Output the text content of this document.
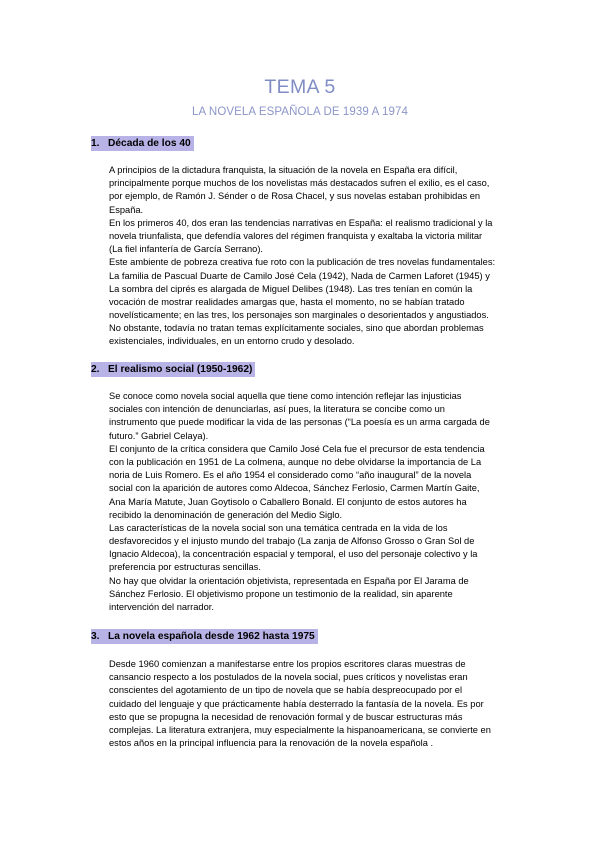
TEMA 5
LA NOVELA ESPAÑOLA DE 1939 A 1974
1. Década de los 40
A principios de la dictadura franquista, la situación de la novela en España era difícil,
principalmente porque muchos de los novelistas más destacados sufren el exilio, es el caso,
por ejemplo, de Ramón J. Sénder o de Rosa Chacel, y sus novelas estaban prohibidas en
España.
En los primeros 40, dos eran las tendencias narrativas en España: el realismo tradicional y la
novela triunfalista, que defendía valores del régimen franquista y exaltaba la victoria militar
(La fiel infantería de García Serrano).
Este ambiente de pobreza creativa fue roto con la publicación de tres novelas fundamentales:
La familia de Pascual Duarte de Camilo José Cela (1942), Nada de Carmen Laforet (1945) y
La sombra del ciprés es alargada de Miguel Delibes (1948). Las tres tenían en común la
vocación de mostrar realidades amargas que, hasta el momento, no se habían tratado
novelísticamente; en las tres, los personajes son marginales o desorientados y angustiados.
No obstante, todavía no tratan temas explícitamente sociales, sino que abordan problemas
existenciales, individuales, en un entorno crudo y desolado.
2. El realismo social (1950-1962)
Se conoce como novela social aquella que tiene como intención reflejar las injusticias
sociales con intención de denunciarlas, así pues, la literatura se concibe como un
instrumento que puede modificar la vida de las personas (“La poesía es un arma cargada de
futuro.” Gabriel Celaya).
El conjunto de la crítica considera que Camilo José Cela fue el precursor de esta tendencia
con la publicación en 1951 de La colmena, aunque no debe olvidarse la importancia de La
noria de Luis Romero. Es el año 1954 el considerado como “año inaugural” de la novela
social con la aparición de autores como Aldecoa, Sánchez Ferlosio, Carmen Martín Gaite,
Ana María Matute, Juan Goytisolo o Caballero Bonald. El conjunto de estos autores ha
recibido la denominación de generación del Medio Siglo.
Las características de la novela social son una temática centrada en la vida de los
desfavorecidos y el injusto mundo del trabajo (La zanja de Alfonso Grosso o Gran Sol de
Ignacio Aldecoa), la concentración espacial y temporal, el uso del personaje colectivo y la
preferencia por estructuras sencillas.
No hay que olvidar la orientación objetivista, representada en España por El Jarama de
Sánchez Ferlosio. El objetivismo propone un testimonio de la realidad, sin aparente
intervención del narrador.
3. La novela española desde 1962 hasta 1975
Desde 1960 comienzan a manifestarse entre los propios escritores claras muestras de
cansancio respecto a los postulados de la novela social, pues críticos y novelistas eran
conscientes del agotamiento de un tipo de novela que se había despreocupado por el
cuidado del lenguaje y que prácticamente había desterrado la fantasía de la novela. Es por
esto que se propugna la necesidad de renovación formal y de buscar estructuras más
complejas. La literatura extranjera, muy especialmente la hispanoamericana, se convierte en
estos años en la principal influencia para la renovación de la novela española .
